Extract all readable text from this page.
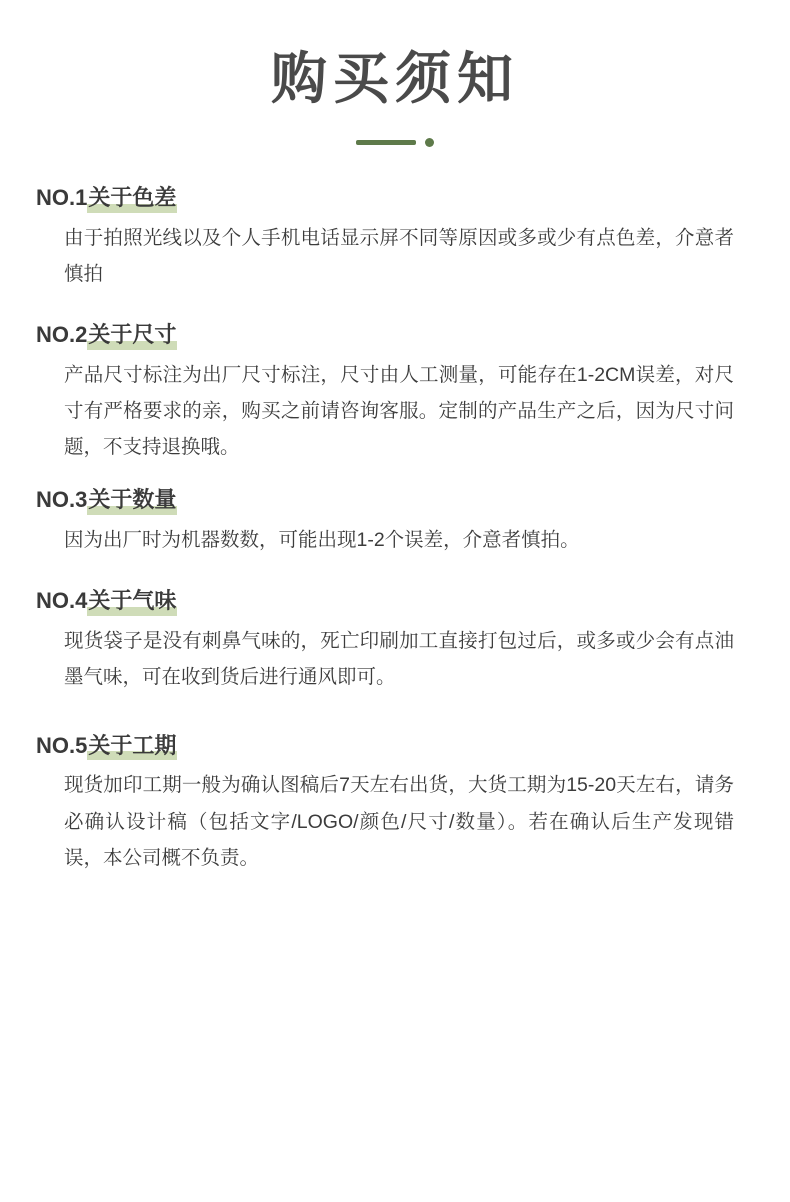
购买须知
NO.1 关于色差

由于拍照光线以及个人手机电话显示屏不同等原因或多或少有点色差，介意者慎拍

NO.2 关于尺寸

产品尺寸标注为出厂尺寸标注，尺寸由人工测量，可能存在1-2CM误差，对尺寸有严格要求的亲，购买之前请咨询客服。定制的产品生产之后，因为尺寸问题，不支持退换哦。

NO.3 关于数量

因为出厂时为机器数数，可能出现1-2个误差，介意者慎拍。

NO.4 关于气味

现货袋子是没有刺鼻气味的，死亡印刷加工直接打包过后，或多或少会有点油墨气味，可在收到货后进行通风即可。

NO.5 关于工期

现货加印工期一般为确认图稿后7天左右出货，大货工期为15-20天左右，请务必确认设计稿（包括文字/LOGO/颜色/尺寸/数量）。若在确认后生产发现错误，本公司概不负责。
